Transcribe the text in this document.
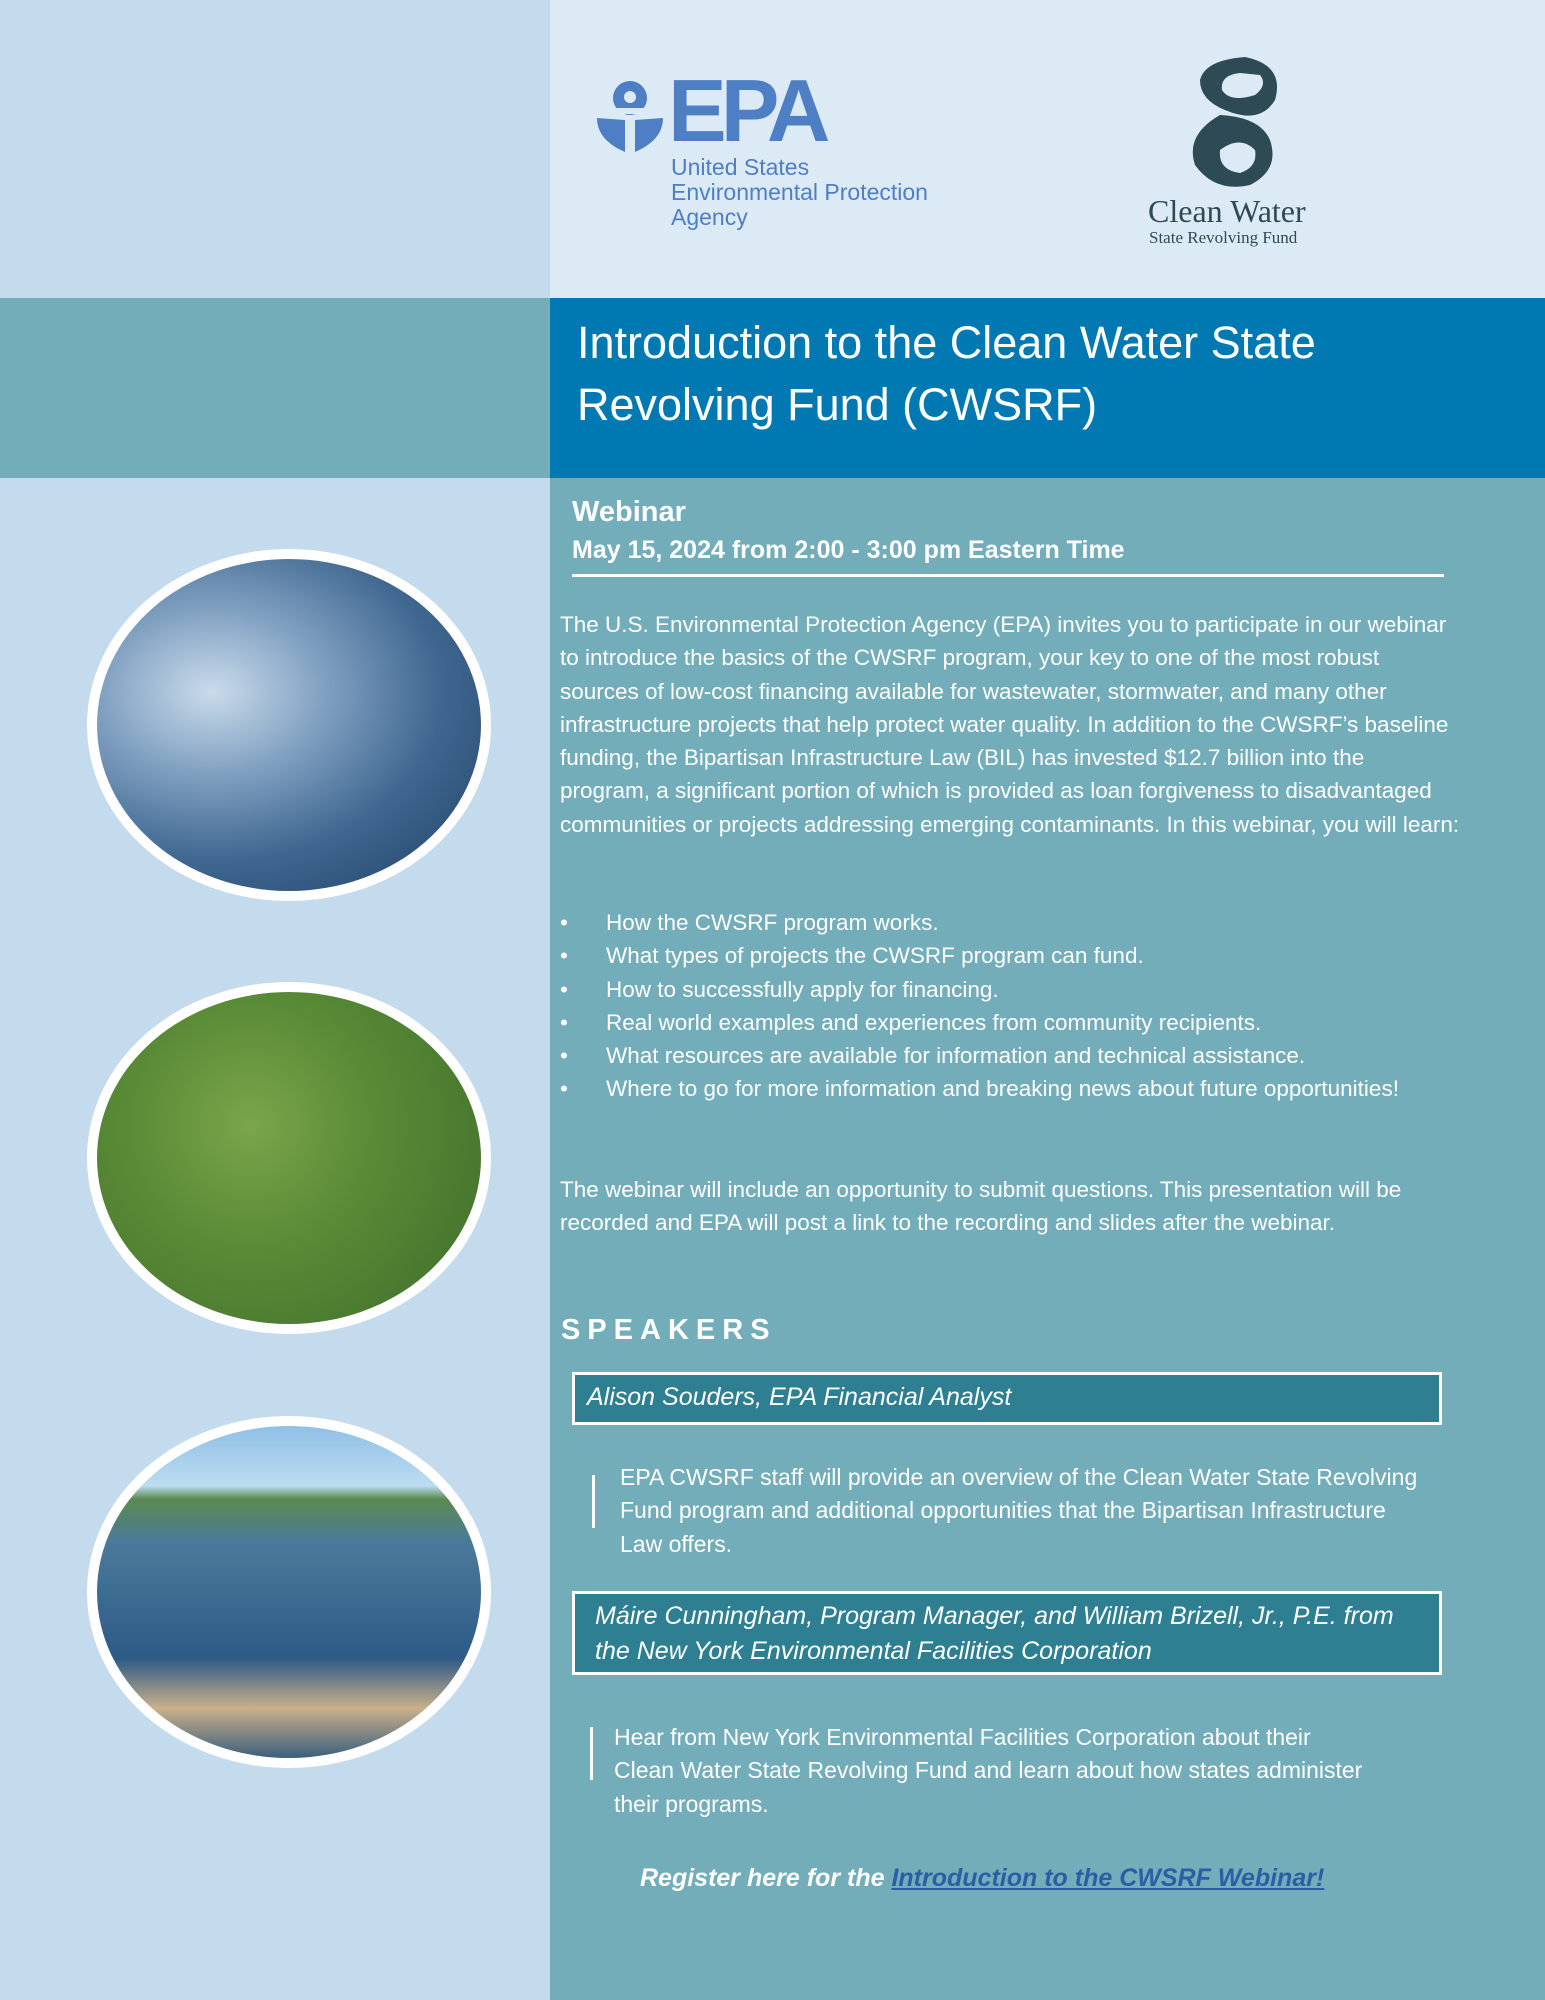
EPA
United States
Environmental Protection
Agency	Clean Water
State Revolving Fund
Introduction to the Clean Water State Revolving Fund (CWSRF)
Webinar
May 15, 2024 from 2:00 - 3:00 pm Eastern Time

The U.S. Environmental Protection Agency (EPA) invites you to participate in our webinar to introduce the basics of the CWSRF program, your key to one of the most robust sources of low-cost financing available for wastewater, stormwater, and many other infrastructure projects that help protect water quality. In addition to the CWSRF’s baseline funding, the Bipartisan Infrastructure Law (BIL) has invested $12.7 billion into the program, a significant portion of which is provided as loan forgiveness to disadvantaged communities or projects addressing emerging contaminants. In this webinar, you will learn:

• How the CWSRF program works.
• What types of projects the CWSRF program can fund.
• How to successfully apply for financing.
• Real world examples and experiences from community recipients.
• What resources are available for information and technical assistance.
• Where to go for more information and breaking news about future opportunities!

The webinar will include an opportunity to submit questions. This presentation will be recorded and EPA will post a link to the recording and slides after the webinar.

SPEAKERS
Alison Souders, EPA Financial Analyst

EPA CWSRF staff will provide an overview of the Clean Water State Revolving Fund program and additional opportunities that the Bipartisan Infrastructure Law offers.

Máire Cunningham, Program Manager, and William Brizell, Jr., P.E. from the New York Environmental Facilities Corporation

Hear from New York Environmental Facilities Corporation about their Clean Water State Revolving Fund and learn about how states administer their programs.

Register here for the Introduction to the CWSRF Webinar!
